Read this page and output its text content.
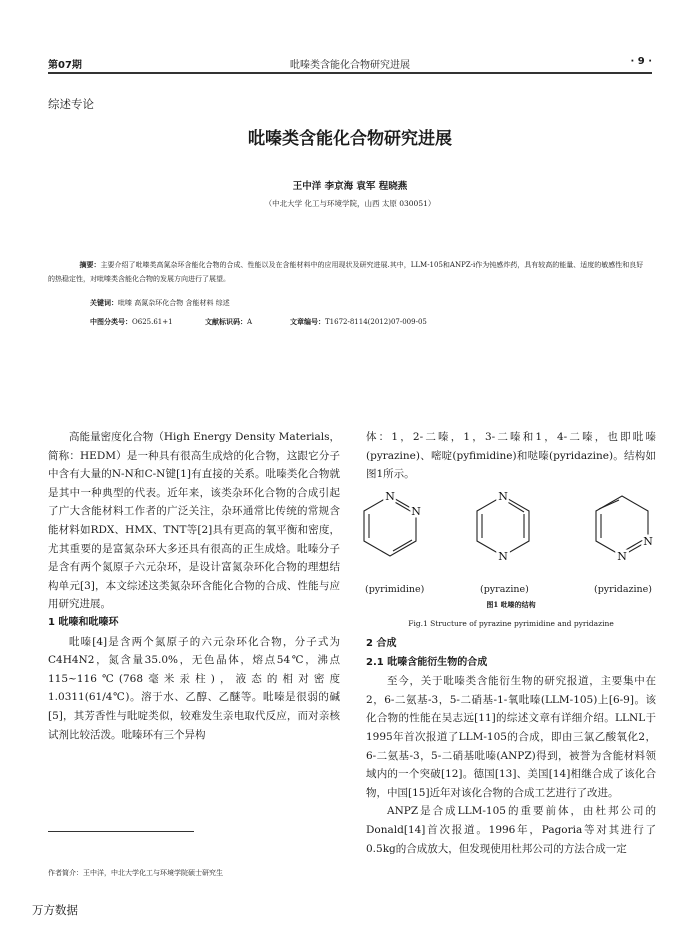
第07期	吡嗪类含能化合物研究进展	· 9 ·
综述专论
吡嗪类含能化合物研究进展
王中洋 李京海 袁军 程晓燕
（中北大学 化工与环境学院，山西 太原 030051）
摘要：主要介绍了吡嗪类高氮杂环含能化合物的合成、性能以及在含能材料中的应用现状及研究进展.其中，LLM-105和ANPZ-i作为钝感炸药，具有较高的能量、适度的敏感性和良好的热稳定性，对吡嗪类含能化合物的发展方向进行了展望。
关键词：吡嗪 高氮杂环化合物 含能材料 综述
中图分类号：O625.61+1	文献标识码：A	文章编号：T1672-8114(2012)07-009-05

高能量密度化合物（High Energy Density Materials，简称：HEDM）是一种具有很高生成焓的化合物，这跟它分子中含有大量的N-N和C-N键[1]有直接的关系。吡嗪类化合物就是其中一种典型的代表。近年来，该类杂环化合物的合成引起了广大含能材料工作者的广泛关注，杂环通常比传统的常规含能材料如RDX、HMX、TNT等[2]具有更高的氧平衡和密度，尤其重要的是富氮杂环大多还具有很高的正生成焓。吡嗪分子是含有两个氮原子六元杂环，是设计富氮杂环化合物的理想结构单元[3]，本文综述这类氮杂环含能化合物的合成、性能与应用研究进展。

1 吡嗪和吡嗪环

吡嗪[4]是含两个氮原子的六元杂环化合物，分子式为C4H4N2，氮含量35.0%，无色晶体，熔点54℃，沸点115~116℃(768毫米汞柱)，液态的相对密度1.0311(61/4℃)。溶于水、乙醇、乙醚等。吡嗪是很弱的碱[5]，其芳香性与吡啶类似，较难发生亲电取代反应，而对亲核试剂比较活泼。吡嗪环有三个异构

作者简介：王中洋，中北大学化工与环境学院硕士研究生
体：1，2-二嗪，1，3-二嗪和1，4-二嗪，也即吡嗪(pyrazine)、嘧啶(pyfimidine)和哒嗪(pyridazine)。结构如图1所示。
N
N
N
N
N
N
(pyrimidine)	(pyrazine)	(pyridazine)
图1 吡嗪的结构
Fig.1 Structure of pyrazine pyrimidine and pyridazine
2 合成
2.1 吡嗪含能衍生物的合成

至今，关于吡嗪类含能衍生物的研究报道，主要集中在2，6-二氨基-3，5-二硝基-1-氧吡嗪(LLM-105)上[6-9]。该化合物的性能在吴志远[11]的综述文章有详细介绍。LLNL于1995年首次报道了LLM-105的合成，即由三氯乙酸氧化2，6-二氨基-3，5-二硝基吡嗪(ANPZ)得到，被誉为含能材料领域内的一个突破[12]。德国[13]、美国[14]相继合成了该化合物，中国[15]近年对该化合物的合成工艺进行了改进。

ANPZ是合成LLM-105的重要前体，由杜邦公司的Donald[14]首次报道。1996年，Pagoria等对其进行了0.5kg的合成放大，但发现使用杜邦公司的方法合成一定

万方数据
